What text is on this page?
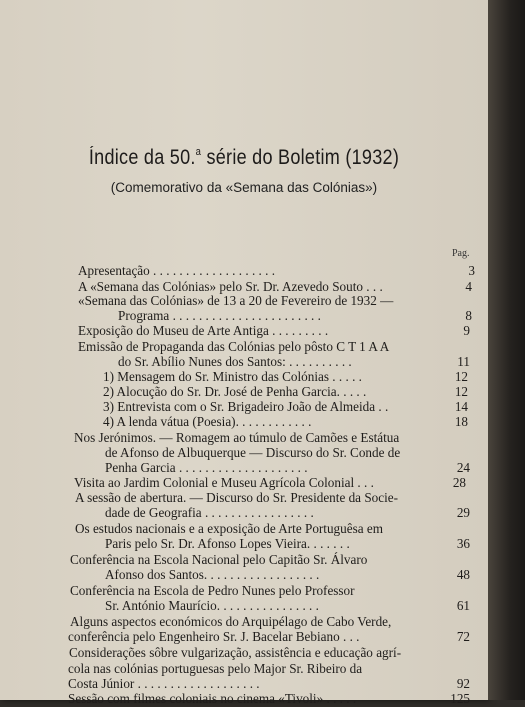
Índice da 50.$^a$ série do Boletim (1932)
(Comemorativo da «Semana das Colónias»)
Pag.
Apresentação . . . . . . . . . . . . . . . . . . .	3
A «Semana das Colónias» pelo Sr. Dr. Azevedo Souto . . .	4
«Semana das Colónias» de 13 a 20 de Fevereiro de 1932 —
Programa . . . . . . . . . . . . . . . . . . . . . . .	8
Exposição do Museu de Arte Antiga . . . . . . . . .	9
Emissão de Propaganda das Colónias pelo pôsto C T 1 A A
do Sr. Abílio Nunes dos Santos: . . . . . . . . . .	11
1) Mensagem do Sr. Ministro das Colónias . . . . .	12
2) Alocução do Sr. Dr. José de Penha Garcia. . . . .	12
3) Entrevista com o Sr. Brigadeiro João de Almeida . .	14
4) A lenda vátua (Poesia). . . . . . . . . . . .	18
Nos Jerónimos. — Romagem ao túmulo de Camões e Estátua
de Afonso de Albuquerque — Discurso do Sr. Conde de
Penha Garcia . . . . . . . . . . . . . . . . . . . .	24
Visita ao Jardim Colonial e Museu Agrícola Colonial . . .	28
A sessão de abertura. — Discurso do Sr. Presidente da Socie-
dade de Geografia . . . . . . . . . . . . . . . . .	29
Os estudos nacionais e a exposição de Arte Portuguêsa em
Paris pelo Sr. Dr. Afonso Lopes Vieira. . . . . . .	36
Conferência na Escola Nacional pelo Capitão Sr. Álvaro
Afonso dos Santos. . . . . . . . . . . . . . . . . .	48
Conferência na Escola de Pedro Nunes pelo Professor
Sr. António Maurício. . . . . . . . . . . . . . . .	61
Alguns aspectos económicos do Arquipélago de Cabo Verde,
conferência pelo Engenheiro Sr. J. Bacelar Bebiano . . .	72
Considerações sôbre vulgarização, assistência e educação agrí-
cola nas colónias portuguesas pelo Major Sr. Ribeiro da
Costa Júnior . . . . . . . . . . . . . . . . . . .	92
Sessão com filmes coloniais no cinema «Tivoli» . . . . .	125
